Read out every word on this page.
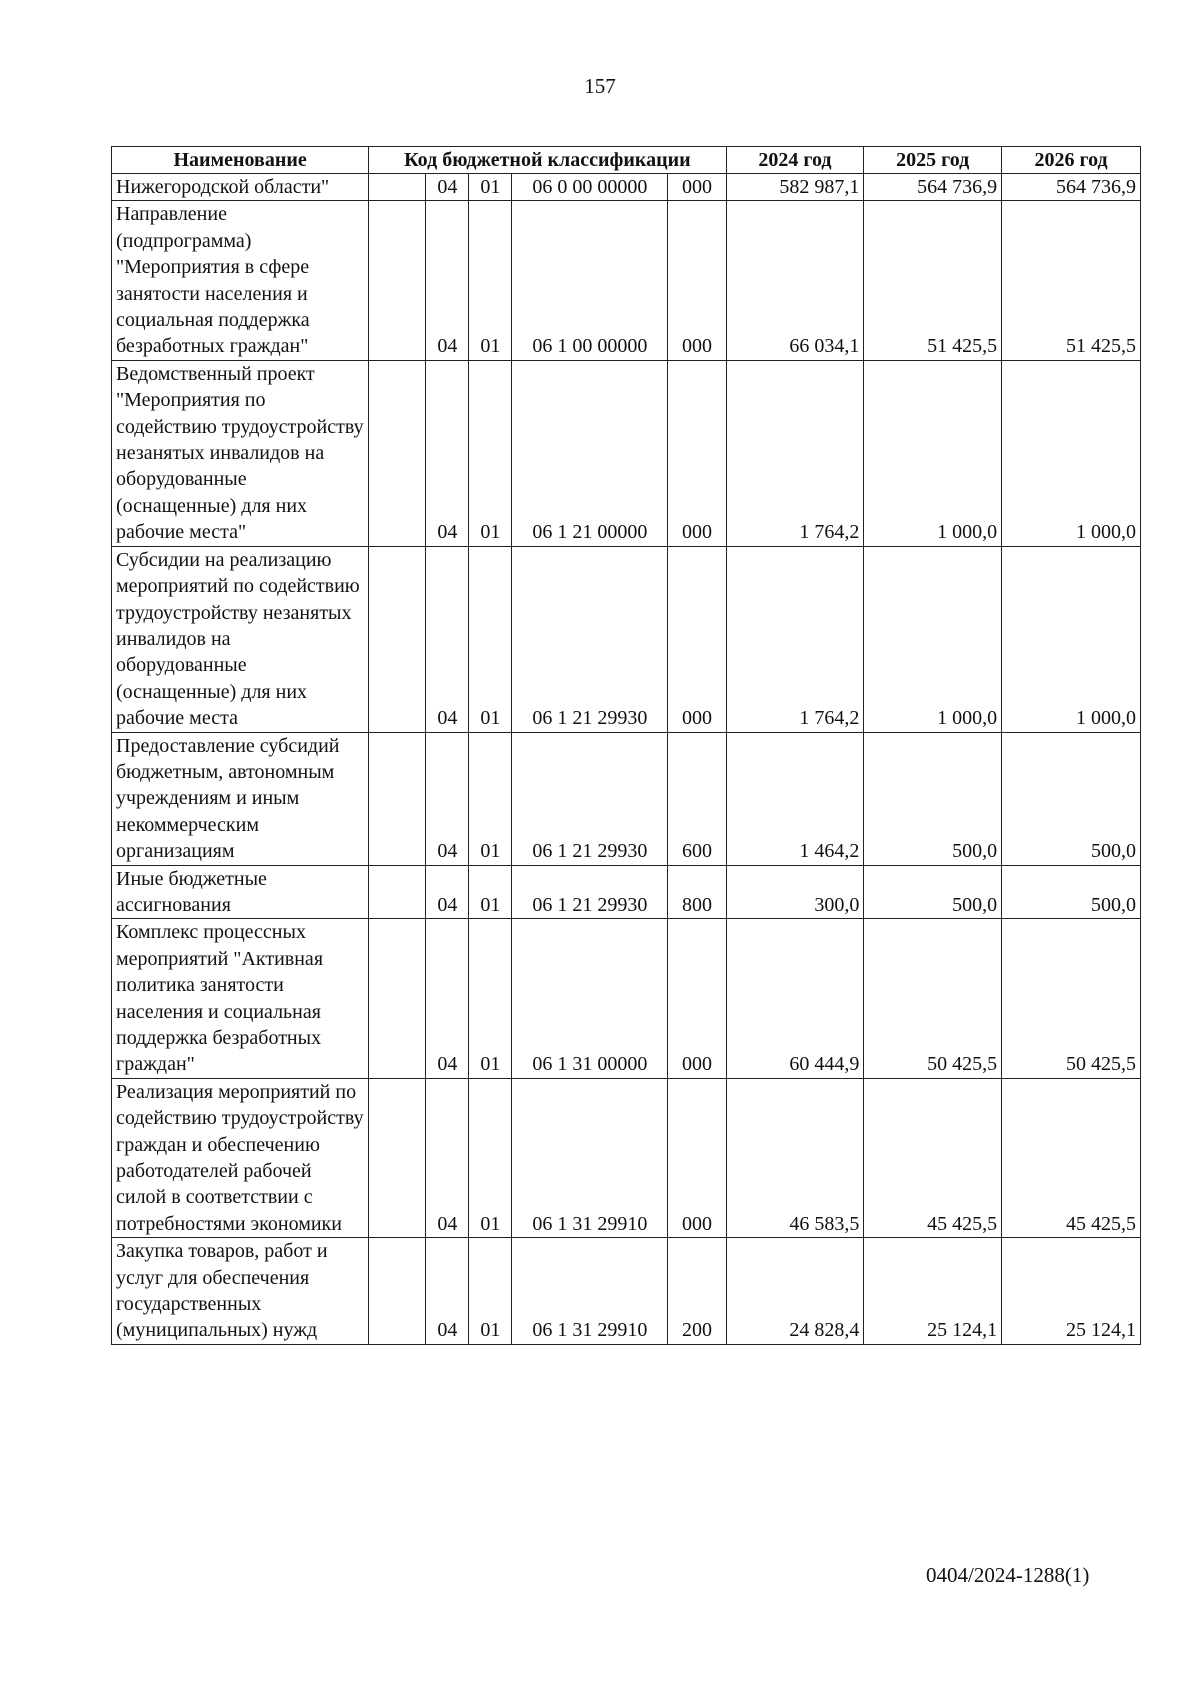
157
Наименование	Код бюджетной классификации					2024 год	2025 год	2026 год
Нижегородской области"		04	01	06 0 00 00000	000	582 987,1	564 736,9	564 736,9
Направление (подпрограмма) "Мероприятия в сфере занятости населения и социальная поддержка безработных граждан"		04	01	06 1 00 00000	000	66 034,1	51 425,5	51 425,5
Ведомственный проект "Мероприятия по содействию трудоустройству незанятых инвалидов на оборудованные (оснащенные) для них рабочие места"		04	01	06 1 21 00000	000	1 764,2	1 000,0	1 000,0
Субсидии на реализацию мероприятий по содействию трудоустройству незанятых инвалидов на оборудованные (оснащенные) для них рабочие места		04	01	06 1 21 29930	000	1 764,2	1 000,0	1 000,0
Предоставление субсидий бюджетным, автономным учреждениям и иным некоммерческим организациям		04	01	06 1 21 29930	600	1 464,2	500,0	500,0
Иные бюджетные ассигнования		04	01	06 1 21 29930	800	300,0	500,0	500,0
Комплекс процессных мероприятий "Активная политика занятости населения и социальная поддержка безработных граждан"		04	01	06 1 31 00000	000	60 444,9	50 425,5	50 425,5
Реализация мероприятий по содействию трудоустройству граждан и обеспечению работодателей рабочей силой в соответствии с потребностями экономики		04	01	06 1 31 29910	000	46 583,5	45 425,5	45 425,5
Закупка товаров, работ и услуг для обеспечения государственных (муниципальных) нужд		04	01	06 1 31 29910	200	24 828,4	25 124,1	25 124,1
0404/2024-1288(1)
